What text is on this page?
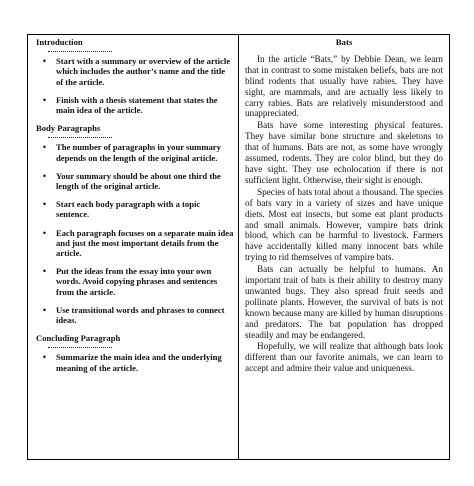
Introduction
•	Start with a summary or overview of the article which includes the author’s name and the title of the article.
•	Finish with a thesis statement that states the main idea of the article.
Body Paragraphs
•	The number of paragraphs in your summary depends on the length of the original article.
•	Your summary should be about one third the length of the original article.
•	Start each body paragraph with a topic sentence.
•	Each paragraph focuses on a separate main idea and just the most important details from the article.
•	Put the ideas from the essay into your own words. Avoid copying phrases and sentences from the article.
•	Use transitional words and phrases to connect ideas.
Concluding Paragraph
•	Summarize the main idea and the underlying meaning of the article.
Bats

In the article “Bats,” by Debbie Dean, we learn that in contrast to some mistaken beliefs, bats are not blind rodents that usually have rabies. They have sight, are mammals, and are actually less likely to carry rabies. Bats are relatively misunderstood and unappreciated.

Bats have some interesting physical features. They have similar bone structure and skeletons to that of humans. Bats are not, as some have wrongly assumed, rodents. They are color blind, but they do have sight. They use echolocation if there is not sufficient light. Otherwise, their sight is enough.

Species of bats total about a thousand. The species of bats vary in a variety of sizes and have unique diets. Most eat insects, but some eat plant products and small animals. However, vampire bats drink blood, which can be harmful to livestock. Farmers have accidentally killed many innocent bats while trying to rid themselves of vampire bats.

Bats can actually be helpful to humans. An important trait of bats is their ability to destroy many unwanted bugs. They also spread fruit seeds and pollinate plants. However, the survival of bats is not known because many are killed by human disruptions and predators. The bat population has dropped steadily and may be endangered.

Hopefully, we will realize that although bats look different than our favorite animals, we can learn to accept and admire their value and uniqueness.
